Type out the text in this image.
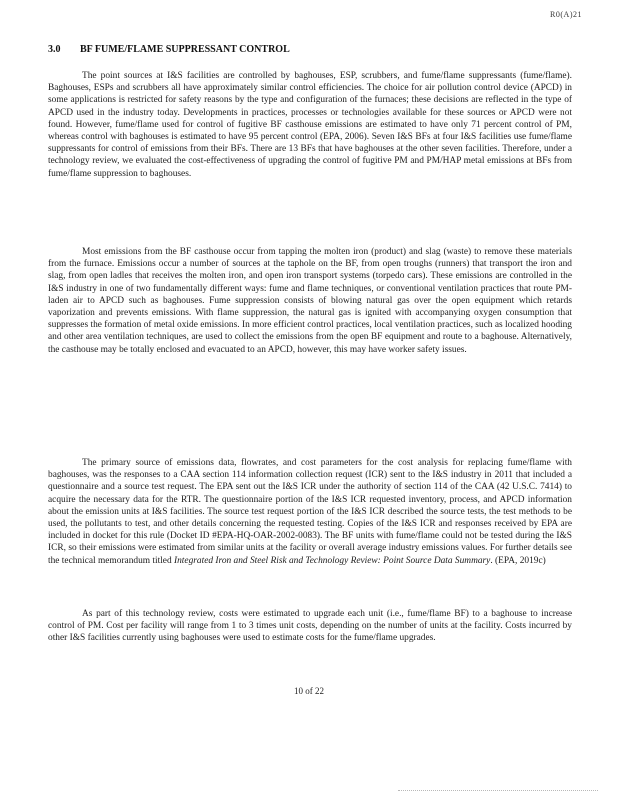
R0(A)21
3.0 BF FUME/FLAME SUPPRESSANT CONTROL

The point sources at I&S facilities are controlled by baghouses, ESP, scrubbers, and fume/flame suppressants (fume/flame). Baghouses, ESPs and scrubbers all have approximately similar control efficiencies. The choice for air pollution control device (APCD) in some applications is restricted for safety reasons by the type and configuration of the furnaces; these decisions are reflected in the type of APCD used in the industry today. Developments in practices, processes or technologies available for these sources or APCD were not found. However, fume/flame used for control of fugitive BF casthouse emissions are estimated to have only 71 percent control of PM, whereas control with baghouses is estimated to have 95 percent control (EPA, 2006). Seven I&S BFs at four I&S facilities use fume/flame suppressants for control of emissions from their BFs. There are 13 BFs that have baghouses at the other seven facilities. Therefore, under a technology review, we evaluated the cost-effectiveness of upgrading the control of fugitive PM and PM/HAP metal emissions at BFs from fume/flame suppression to baghouses.

Most emissions from the BF casthouse occur from tapping the molten iron (product) and slag (waste) to remove these materials from the furnace. Emissions occur a number of sources at the taphole on the BF, from open troughs (runners) that transport the iron and slag, from open ladles that receives the molten iron, and open iron transport systems (torpedo cars). These emissions are controlled in the I&S industry in one of two fundamentally different ways: fume and flame techniques, or conventional ventilation practices that route PM-laden air to APCD such as baghouses. Fume suppression consists of blowing natural gas over the open equipment which retards vaporization and prevents emissions. With flame suppression, the natural gas is ignited with accompanying oxygen consumption that suppresses the formation of metal oxide emissions. In more efficient control practices, local ventilation practices, such as localized hooding and other area ventilation techniques, are used to collect the emissions from the open BF equipment and route to a baghouse. Alternatively, the casthouse may be totally enclosed and evacuated to an APCD, however, this may have worker safety issues.

The primary source of emissions data, flowrates, and cost parameters for the cost analysis for replacing fume/flame with baghouses, was the responses to a CAA section 114 information collection request (ICR) sent to the I&S industry in 2011 that included a questionnaire and a source test request. The EPA sent out the I&S ICR under the authority of section 114 of the CAA (42 U.S.C. 7414) to acquire the necessary data for the RTR. The questionnaire portion of the I&S ICR requested inventory, process, and APCD information about the emission units at I&S facilities. The source test request portion of the I&S ICR described the source tests, the test methods to be used, the pollutants to test, and other details concerning the requested testing. Copies of the I&S ICR and responses received by EPA are included in docket for this rule (Docket ID #EPA-HQ-OAR-2002-0083). The BF units with fume/flame could not be tested during the I&S ICR, so their emissions were estimated from similar units at the facility or overall average industry emissions values. For further details see the technical memorandum titled Integrated Iron and Steel Risk and Technology Review: Point Source Data Summary. (EPA, 2019c)

As part of this technology review, costs were estimated to upgrade each unit (i.e., fume/flame BF) to a baghouse to increase control of PM. Cost per facility will range from 1 to 3 times unit costs, depending on the number of units at the facility. Costs incurred by other I&S facilities currently using baghouses were used to estimate costs for the fume/flame upgrades.

10 of 22
